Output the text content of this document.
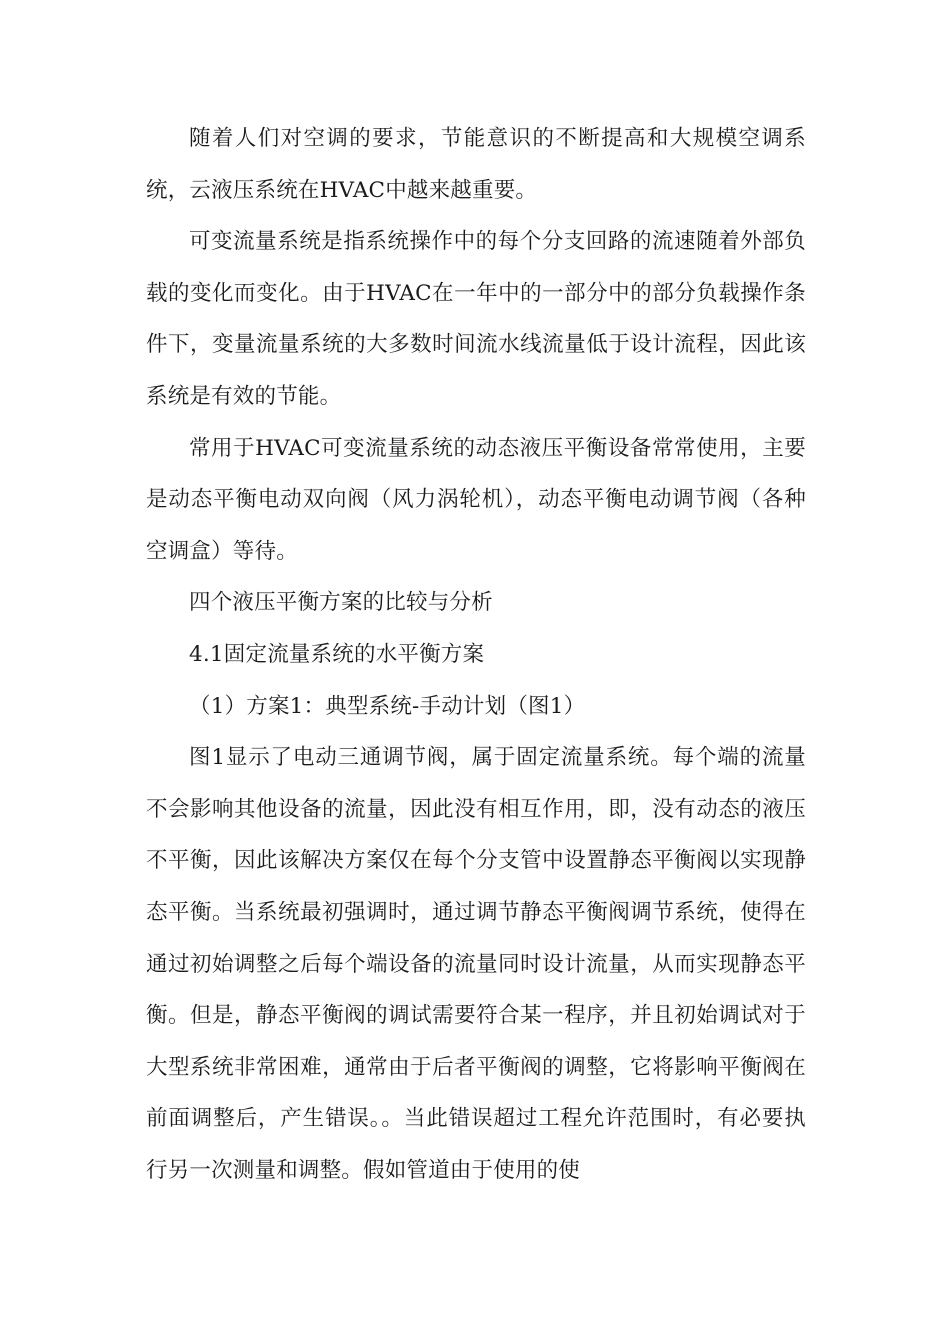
随着人们对空调的要求，节能意识的不断提高和大规模空调系统，云液压系统在HVAC中越来越重要。

可变流量系统是指系统操作中的每个分支回路的流速随着外部负载的变化而变化。由于HVAC在一年中的一部分中的部分负载操作条件下，变量流量系统的大多数时间流水线流量低于设计流程，因此该系统是有效的节能。

常用于HVAC可变流量系统的动态液压平衡设备常常使用，主要是动态平衡电动双向阀（风力涡轮机），动态平衡电动调节阀（各种空调盒）等待。

四个液压平衡方案的比较与分析

4.1固定流量系统的水平衡方案

（1）方案1：典型系统-手动计划（图1）

图1显示了电动三通调节阀，属于固定流量系统。每个端的流量不会影响其他设备的流量，因此没有相互作用，即，没有动态的液压不平衡，因此该解决方案仅在每个分支管中设置静态平衡阀以实现静态平衡。当系统最初强调时，通过调节静态平衡阀调节系统，使得在通过初始调整之后每个端设备的流量同时设计流量，从而实现静态平衡。但是，静态平衡阀的调试需要符合某一程序，并且初始调试对于大型系统非常困难，通常由于后者平衡阀的调整，它将影响平衡阀在前面调整后，产生错误。。当此错误超过工程允许范围时，有必要执行另一次测量和调整。假如管道由于使用的使
